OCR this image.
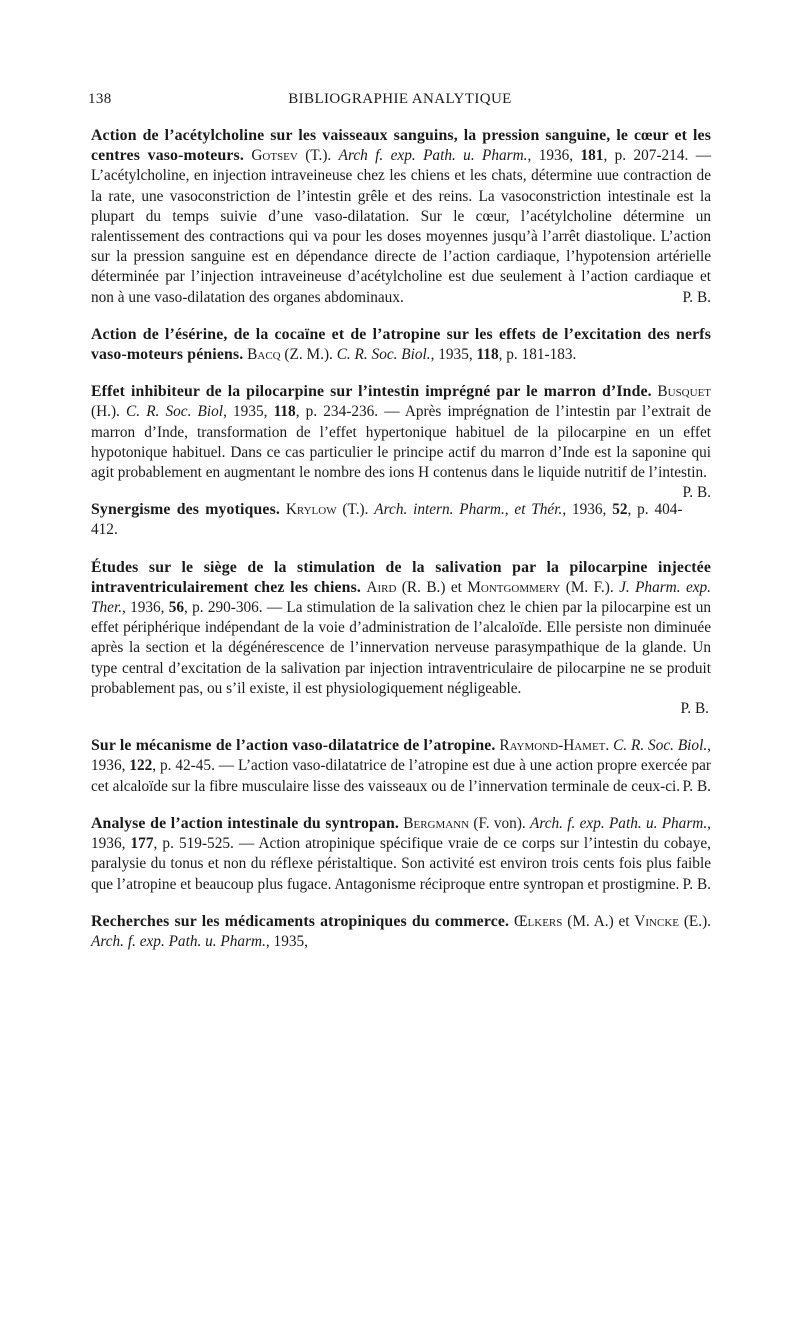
138	BIBLIOGRAPHIE ANALYTIQUE

Action de l’acétylcholine sur les vaisseaux sanguins, la pression sanguine, le cœur et les centres vaso-moteurs. Gotsev (T.). Arch f. exp. Path. u. Pharm., 1936, 181, p. 207-214. — L’acétylcholine, en injection intraveineuse chez les chiens et les chats, détermine uue contraction de la rate, une vasoconstriction de l’intestin grêle et des reins. La vasoconstriction intestinale est la plupart du temps suivie d’une vaso-dilatation. Sur le cœur, l’acétylcholine détermine un ralentissement des contractions qui va pour les doses moyennes jusqu’à l’arrêt diastolique. L’action sur la pression sanguine est en dépendance directe de l’action cardiaque, l’hypotension artérielle déterminée par l’injection intraveineuse d’acétylcholine est due seulement à l’action cardiaque et non à une vaso-dilatation des organes abdominaux.	P. B.

Action de l’ésérine, de la cocaïne et de l’atropine sur les effets de l’excitation des nerfs vaso-moteurs péniens. Bacq (Z. M.). C. R. Soc. Biol., 1935, 118, p. 181-183.

Effet inhibiteur de la pilocarpine sur l’intestin imprégné par le marron d’Inde. Busquet (H.). C. R. Soc. Biol, 1935, 118, p. 234-236. — Après imprégnation de l’intestin par l’extrait de marron d’Inde, transformation de l’effet hypertonique habituel de la pilocarpine en un effet hypotonique habituel. Dans ce cas particulier le principe actif du marron d’Inde est la saponine qui agit probablement en augmentant le nombre des ions H contenus dans le liquide nutritif de l’intestin.
P. B.

Synergisme des myotiques. Krylow (T.). Arch. intern. Pharm., et Thér., 1936, 52, p. 404-412.

Études sur le siège de la stimulation de la salivation par la pilocarpine injectée intraventriculairement chez les chiens. Aird (R. B.) et Montgommery (M. F.). J. Pharm. exp. Ther., 1936, 56, p. 290-306. — La stimulation de la salivation chez le chien par la pilocarpine est un effet périphérique indépendant de la voie d’administration de l’alcaloïde. Elle persiste non diminuée après la section et la dégénérescence de l’innervation nerveuse parasympathique de la glande. Un type central d’excitation de la salivation par injection intraventriculaire de pilocarpine ne se produit probablement pas, ou s’il existe, il est physiologiquement négligeable.
P. B.

Sur le mécanisme de l’action vaso-dilatatrice de l’atropine. Raymond-Hamet. C. R. Soc. Biol., 1936, 122, p. 42-45. — L’action vaso-dilatatrice de l’atropine est due à une action propre exercée par cet alcaloïde sur la fibre musculaire lisse des vaisseaux ou de l’innervation terminale de ceux-ci. P. B.

Analyse de l’action intestinale du syntropan. Bergmann (F. von). Arch. f. exp. Path. u. Pharm., 1936, 177, p. 519-525. — Action atropinique spécifique vraie de ce corps sur l’intestin du cobaye, paralysie du tonus et non du réflexe péristaltique. Son activité est environ trois cents fois plus faible que l’atropine et beaucoup plus fugace. Antagonisme réciproque entre syntropan et prostigmine. P. B.

Recherches sur les médicaments atropiniques du commerce. Œlkers (M. A.) et Vincke (E.). Arch. f. exp. Path. u. Pharm., 1935,
